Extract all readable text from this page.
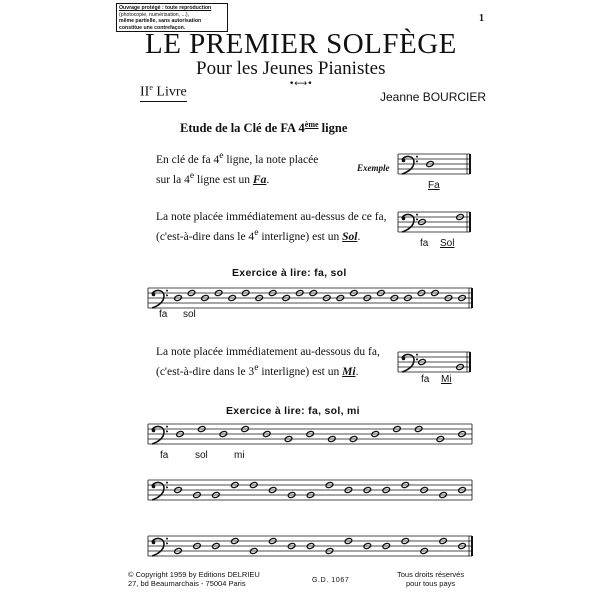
Ouvrage protégé : toute reproduction
(photocopie, numérisation, ...),
même partielle, sans autorisation
constitue une contrefaçon.
1
LE PREMIER SOLFÈGE
Pour les Jeunes Pianistes
•⟷•
IIe Livre	Jeanne BOURCIER
Etude de la Clé de FA 4ème ligne
En clé de fa 4e ligne, la note placée
sur la 4e ligne est un Fa.
Exemple
Fa
La note placée immédiatement au-dessus de ce fa,
(c'est-à-dire dans le 4e interligne) est un Sol.
fa Sol
Exercice à lire: fa, sol
fa sol
La note placée immédiatement au-dessous du fa,
(c'est-à-dire dans le 3e interligne) est un Mi.
fa Mi
Exercice à lire: fa, sol, mi
fa	sol	mi
© Copyright 1959 by Editions DELRIEU
27, bd Beaumarchais - 75004 Paris	G.D. 1067
Tous droits réservés
pour tous pays
